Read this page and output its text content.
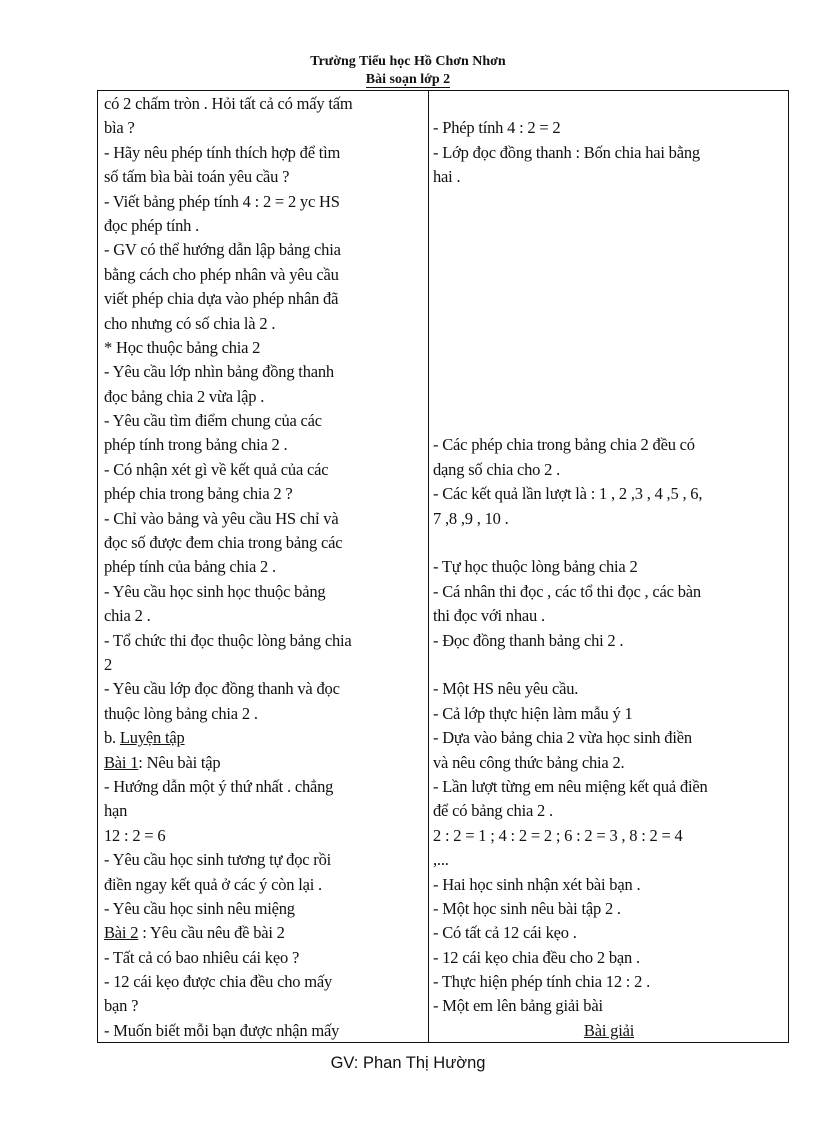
Trường Tiểu học Hồ Chơn Nhơn
Bài soạn lớp 2
có 2 chấm tròn . Hỏi tất cả có mấy tấm
bìa ?
- Hãy nêu phép tính thích hợp để tìm
số tấm bìa bài toán yêu cầu ?
- Viết bảng phép tính 4 : 2 = 2 yc HS
đọc phép tính .
- GV có thể hướng dẫn lập bảng chia
bằng cách cho phép nhân và yêu cầu
viết phép chia dựa vào phép nhân đã
cho nhưng có số chia là 2 .
* Học thuộc bảng chia 2
- Yêu cầu lớp nhìn bảng đồng thanh
đọc bảng chia 2 vừa lập .
- Yêu cầu tìm điểm chung của các
phép tính trong bảng chia 2 .
- Có nhận xét gì về kết quả của các
phép chia trong bảng chia 2 ?
- Chỉ vào bảng và yêu cầu HS chỉ và
đọc số được đem chia trong bảng các
phép tính của bảng chia 2 .
- Yêu cầu học sinh học thuộc bảng
chia 2 .
- Tổ chức thi đọc thuộc lòng bảng chia
2
- Yêu cầu lớp đọc đồng thanh và đọc
thuộc lòng bảng chia 2 .
b. Luyện tập
Bài 1: Nêu bài tập
- Hướng dẫn một ý thứ nhất . chẳng
hạn
12 : 2 = 6
- Yêu cầu học sinh tương tự đọc rồi
điền ngay kết quả ở các ý còn lại .
- Yêu cầu học sinh nêu miệng
Bài 2 : Yêu cầu nêu đề bài 2
- Tất cả có bao nhiêu cái kẹo ?
- 12 cái kẹo được chia đều cho mấy
bạn ?
- Muốn biết mỗi bạn được nhận mấy
- Phép tính 4 : 2 = 2
- Lớp đọc đồng thanh : Bốn chia hai bằng
hai .
- Các phép chia trong bảng chia 2 đều có
dạng số chia cho 2 .
- Các kết quả lần lượt là : 1 , 2 ,3 , 4 ,5 , 6,
7 ,8 ,9 , 10 .
- Tự học thuộc lòng bảng chia 2
- Cá nhân thi đọc , các tổ thi đọc , các bàn
thi đọc với nhau .
- Đọc đồng thanh bảng chi 2 .
- Một HS nêu yêu cầu.
- Cả lớp thực hiện làm mẫu ý 1
- Dựa vào bảng chia 2 vừa học sinh điền
và nêu công thức bảng chia 2.
- Lần lượt từng em nêu miệng kết quả điền
để có bảng chia 2 .
2 : 2 = 1 ; 4 : 2 = 2 ; 6 : 2 = 3 , 8 : 2 = 4
,...
- Hai học sinh nhận xét bài bạn .
- Một học sinh nêu bài tập 2 .
- Có tất cả 12 cái kẹo .
- 12 cái kẹo chia đều cho 2 bạn .
- Thực hiện phép tính chia 12 : 2 .
- Một em lên bảng giải bài
Bài giải
GV: Phan Thị Hường
